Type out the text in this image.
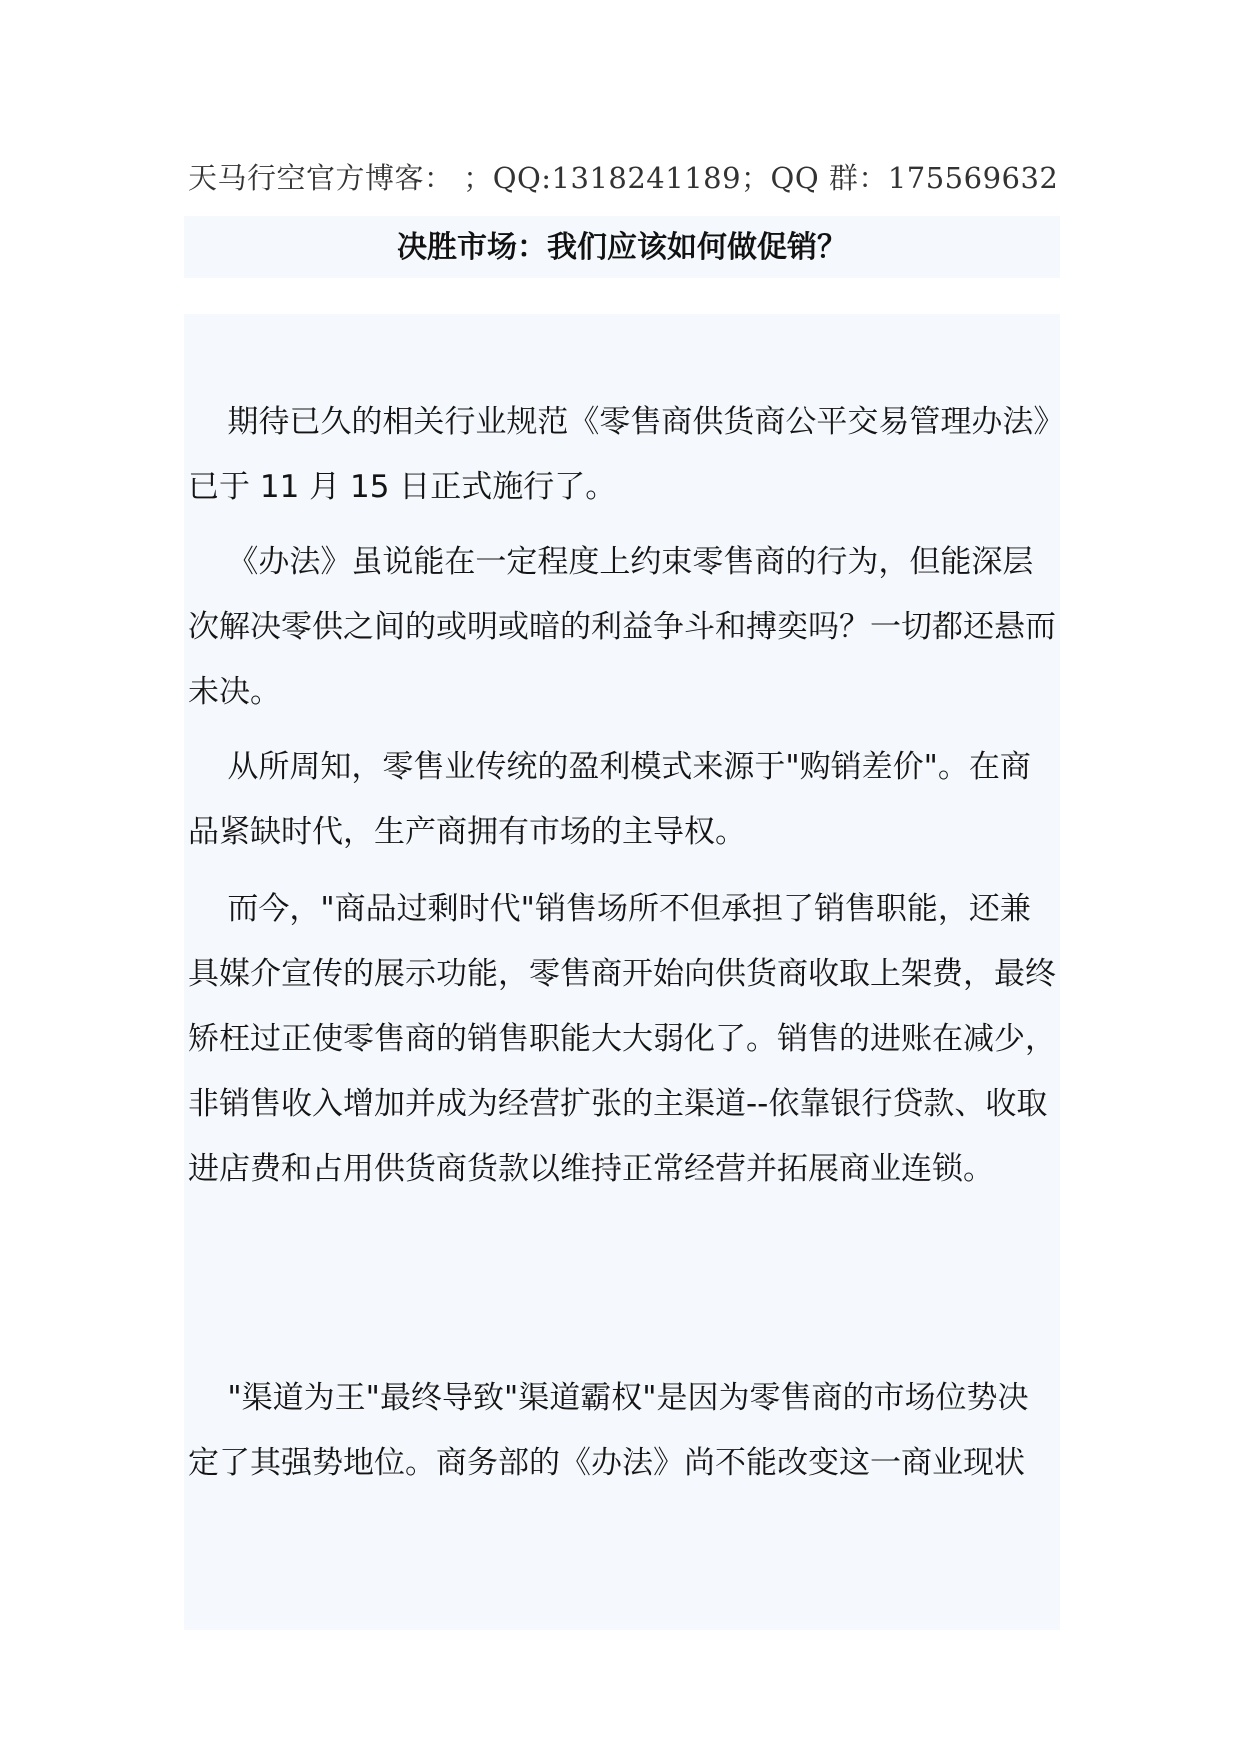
天马行空官方博客： ；QQ:1318241189；QQ 群：175569632
决胜市场：我们应该如何做促销？

期待已久的相关行业规范《零售商供货商公平交易管理办法》已于 11 月 15 日正式施行了。

《办法》虽说能在一定程度上约束零售商的行为，但能深层次解决零供之间的或明或暗的利益争斗和搏奕吗？一切都还悬而未决。

从所周知，零售业传统的盈利模式来源于"购销差价"。在商品紧缺时代，生产商拥有市场的主导权。

而今，"商品过剩时代"销售场所不但承担了销售职能，还兼具媒介宣传的展示功能，零售商开始向供货商收取上架费，最终矫枉过正使零售商的销售职能大大弱化了。销售的进账在减少，非销售收入增加并成为经营扩张的主渠道--依靠银行贷款、收取进店费和占用供货商货款以维持正常经营并拓展商业连锁。

"渠道为王"最终导致"渠道霸权"是因为零售商的市场位势决定了其强势地位。商务部的《办法》尚不能改变这一商业现状
